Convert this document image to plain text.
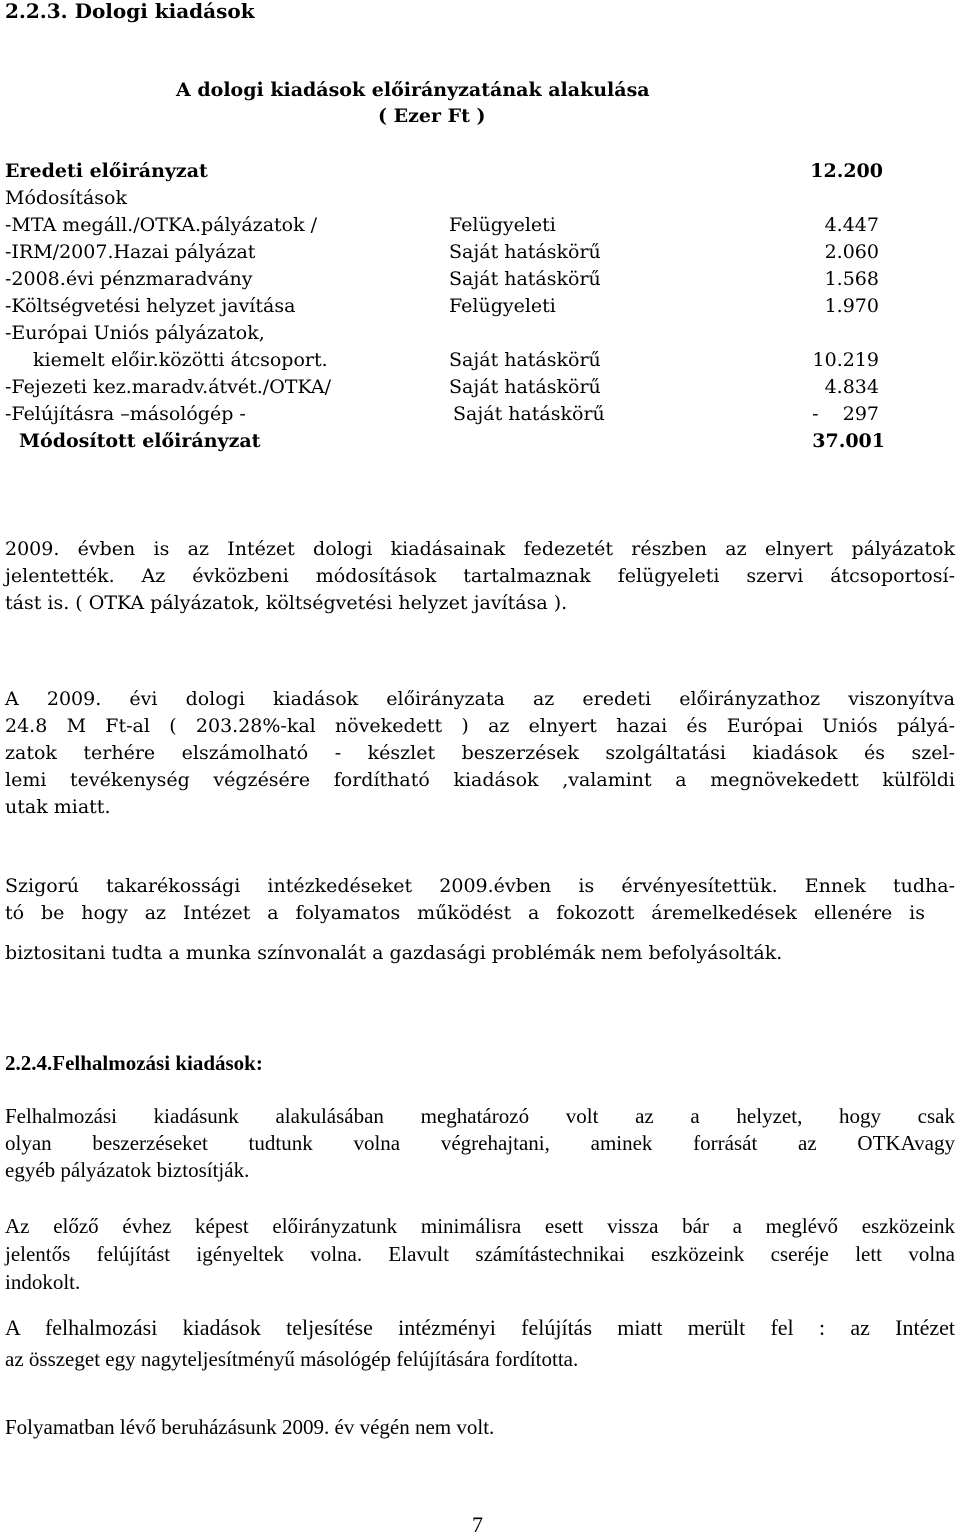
2.2.3. Dologi kiadások
A dologi kiadások előirányzatának alakulása
( Ezer Ft )
Eredeti előirányzat	12.200
Módosítások
-MTA megáll./OTKA.pályázatok /	Felügyeleti	4.447
-IRM/2007.Hazai pályázat	Saját hatáskörű	2.060
-2008.évi pénzmaradvány	Saját hatáskörű	1.568
-Költségvetési helyzet javítása	Felügyeleti	1.970
-Európai Uniós pályázatok,
kiemelt előir.közötti átcsoport.	Saját hatáskörű	10.219
-Fejezeti kez.maradv.átvét./OTKA/	Saját hatáskörű	4.834
-Felújításra –másológép -	Saját hatáskörű	-    297
Módosított előirányzat	37.001
2009. évben is az Intézet dologi kiadásainak fedezetét részben az elnyert pályázatok
jelentették. Az évközbeni módosítások tartalmaznak felügyeleti szervi átcsoportosí-
tást is. ( OTKA pályázatok, költségvetési helyzet javítása ).
A 2009. évi dologi kiadások előirányzata az eredeti előirányzathoz viszonyítva
24.8 M Ft-al ( 203.28%-kal növekedett ) az elnyert hazai és Európai Uniós pályá-
zatok terhére elszámolható - készlet beszerzések szolgáltatási kiadások és szel-
lemi tevékenység végzésére fordítható kiadások ,valamint a megnövekedett külföldi
utak miatt.
Szigorú takarékossági intézkedéseket 2009.évben is érvényesítettük. Ennek tudha-
tó be hogy az Intézet a folyamatos működést a fokozott áremelkedések ellenére is
biztositani tudta a munka színvonalát a gazdasági problémák nem befolyásolták.
2.2.4.Felhalmozási kiadások:
Felhalmozási kiadásunk alakulásában meghatározó volt az a helyzet, hogy csak
olyan beszerzéseket tudtunk volna végrehajtani, aminek forrását az OTKAvagy
egyéb pályázatok biztosítják.
Az előző évhez képest előirányzatunk minimálisra esett vissza bár a meglévő eszközeink
jelentős felújítást igényeltek volna. Elavult számítástechnikai eszközeink cseréje lett volna
indokolt.
A felhalmozási kiadások teljesítése intézményi felújítás miatt merült fel : az Intézet
az összeget egy nagyteljesítményű másológép felújítására fordította.
Folyamatban lévő beruházásunk 2009. év végén nem volt.
7
